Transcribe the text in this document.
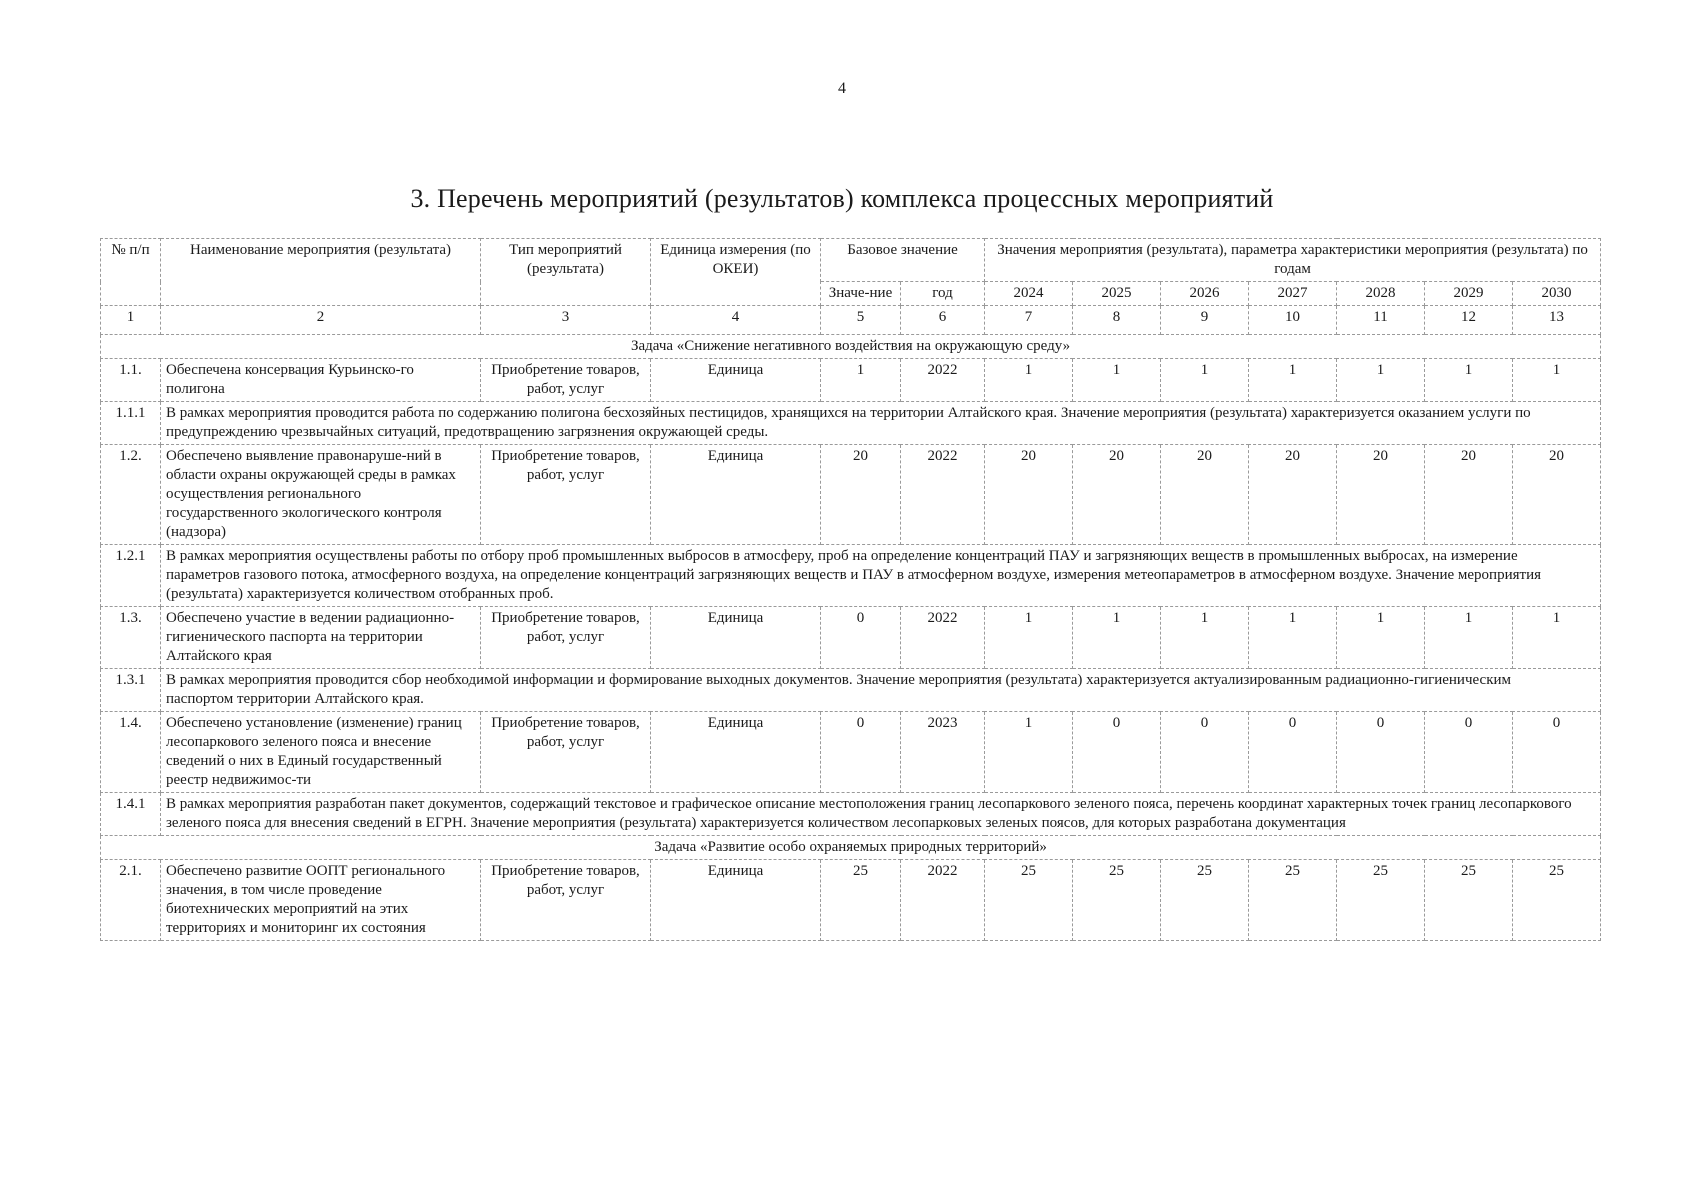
4
3. Перечень мероприятий (результатов) комплекса процессных мероприятий
№ п/п	Наименование мероприятия (результата)	Тип мероприятий (результата)	Единица измерения (по ОКЕИ)	Базовое значение		Значения мероприятия (результата), параметра характеристики мероприятия (результата) по годам						
				Значе-ние	год	2024	2025	2026	2027	2028	2029	2030
1	2	3	4	5	6	7	8	9	10	11	12	13
Задача «Снижение негативного воздействия на окружающую среду»												
1.1.	Обеспечена консервация Курьинско-го полигона	Приобретение товаров, работ, услуг	Единица	1	2022	1	1	1	1	1	1	1
1.1.1	В рамках мероприятия проводится работа по содержанию полигона бесхозяйных пестицидов, хранящихся на территории Алтайского края. Значение мероприятия (результата) характеризуется оказанием услуги по предупреждению чрезвычайных ситуаций, предотвращению загрязнения окружающей среды.											
1.2.	Обеспечено выявление правонаруше-ний в области охраны окружающей среды в рамках осуществления регионального государственного экологического контроля (надзора)	Приобретение товаров, работ, услуг	Единица	20	2022	20	20	20	20	20	20	20
1.2.1	В рамках мероприятия осуществлены работы по отбору проб промышленных выбросов в атмосферу, проб на определение концентраций ПАУ и загрязняющих веществ в промышленных выбросах, на измерение параметров газового потока, атмосферного воздуха, на определение концентраций загрязняющих веществ и ПАУ в атмосферном воздухе, измерения метеопараметров в атмосферном воздухе. Значение мероприятия (результата) характеризуется количеством отобранных проб.											
1.3.	Обеспечено участие в ведении радиационно-гигиенического паспорта на территории Алтайского края	Приобретение товаров, работ, услуг	Единица	0	2022	1	1	1	1	1	1	1
1.3.1	В рамках мероприятия проводится сбор необходимой информации и формирование выходных документов. Значение мероприятия (результата) характеризуется актуализированным радиационно-гигиеническим паспортом территории Алтайского края.											
1.4.	Обеспечено установление (изменение) границ лесопаркового зеленого пояса и внесение сведений о них в Единый государственный реестр недвижимос-ти	Приобретение товаров, работ, услуг	Единица	0	2023	1	0	0	0	0	0	0
1.4.1	В рамках мероприятия разработан пакет документов, содержащий текстовое и графическое описание местоположения границ лесопаркового зеленого пояса, перечень координат характерных точек границ лесопаркового зеленого пояса для внесения сведений в ЕГРН. Значение мероприятия (результата) характеризуется количеством лесопарковых зеленых поясов, для которых разработана документация											
Задача «Развитие особо охраняемых природных территорий»												
2.1.	Обеспечено развитие ООПТ регионального значения, в том числе проведение биотехнических мероприятий на этих территориях и мониторинг их состояния	Приобретение товаров, работ, услуг	Единица	25	2022	25	25	25	25	25	25	25
